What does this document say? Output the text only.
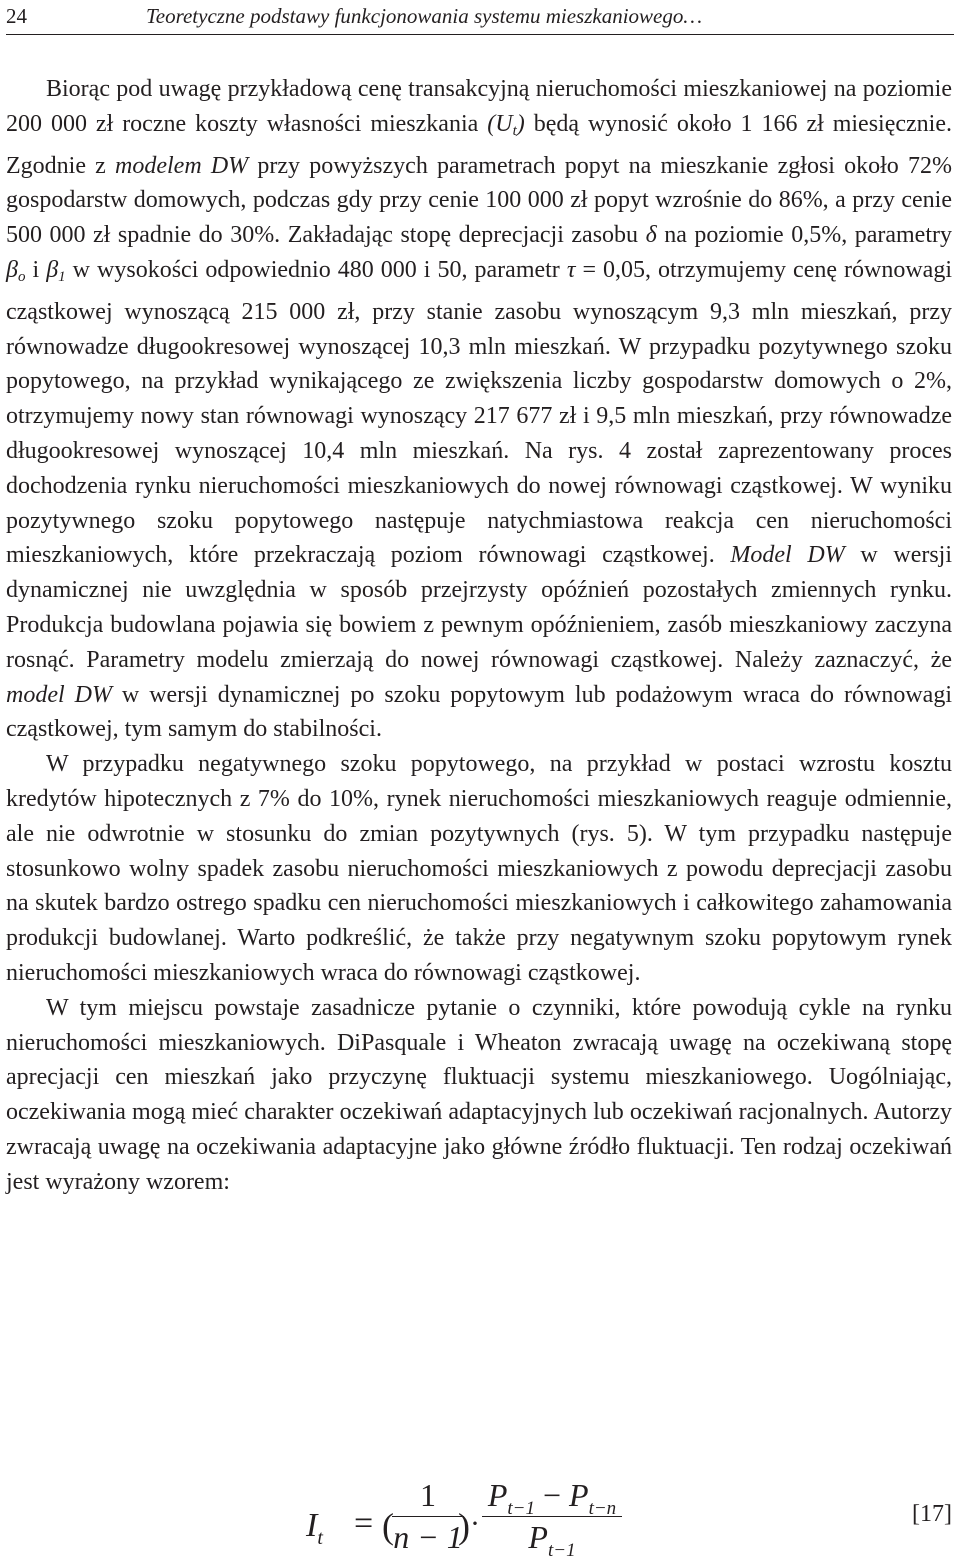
24	Teoretyczne podstawy funkcjonowania systemu mieszkaniowego…

Biorąc pod uwagę przykładową cenę transakcyjną nieruchomości mieszkaniowej na poziomie 200 000 zł roczne koszty własności mieszkania $(U_t)$ będą wynosić około 1 166 zł miesięcznie. Zgodnie z modelem DW przy powyższych parametrach popyt na mieszkanie zgłosi około 72% gospodarstw domowych, podczas gdy przy cenie 100 000 zł popyt wzrośnie do 86%, a przy cenie 500 000 zł spadnie do 30%. Zakładając stopę deprecjacji zasobu δ na poziomie 0,5%, parametry $\beta_o$ i $\beta_1$ w wysokości odpowiednio 480 000 i 50, parametr τ = 0,05, otrzymujemy cenę równowagi cząstkowej wynoszącą 215 000 zł, przy stanie zasobu wynoszącym 9,3 mln mieszkań, przy równowadze długookresowej wynoszącej 10,3 mln mieszkań. W przypadku pozytywnego szoku popytowego, na przykład wynikającego ze zwiększenia liczby gospodarstw domowych o 2%, otrzymujemy nowy stan równowagi wynoszący 217 677 zł i 9,5 mln mieszkań, przy równowadze długookresowej wynoszącej 10,4 mln mieszkań. Na rys. 4 został zaprezentowany proces dochodzenia rynku nieruchomości mieszkaniowych do nowej równowagi cząstkowej. W wyniku pozytywnego szoku popytowego następuje natychmiastowa reakcja cen nieruchomości mieszkaniowych, które przekraczają poziom równowagi cząstkowej. Model DW w wersji dynamicznej nie uwzględnia w sposób przejrzysty opóźnień pozostałych zmiennych rynku. Produkcja budowlana pojawia się bowiem z pewnym opóźnieniem, zasób mieszkaniowy zaczyna rosnąć. Parametry modelu zmierzają do nowej równowagi cząstkowej. Należy zaznaczyć, że model DW w wersji dynamicznej po szoku popytowym lub podażowym wraca do równowagi cząstkowej, tym samym do stabilności.

W przypadku negatywnego szoku popytowego, na przykład w postaci wzrostu kosztu kredytów hipotecznych z 7% do 10%, rynek nieruchomości mieszkaniowych reaguje odmiennie, ale nie odwrotnie w stosunku do zmian pozytywnych (rys. 5). W tym przypadku następuje stosunkowo wolny spadek zasobu nieruchomości mieszkaniowych z powodu deprecjacji zasobu na skutek bardzo ostrego spadku cen nieruchomości mieszkaniowych i całkowitego zahamowania produkcji budowlanej. Warto podkreślić, że także przy negatywnym szoku popytowym rynek nieruchomości mieszkaniowych wraca do równowagi cząstkowej.

W tym miejscu powstaje zasadnicze pytanie o czynniki, które powodują cykle na rynku nieruchomości mieszkaniowych. DiPasquale i Wheaton zwracają uwagę na oczekiwaną stopę aprecjacji cen mieszkań jako przyczynę fluktuacji systemu mieszkaniowego. Uogólniając, oczekiwania mogą mieć charakter oczekiwań adaptacyjnych lub oczekiwań racjonalnych. Autorzy zwracają uwagę na oczekiwania adaptacyjne jako główne źródło fluktuacji. Ten rodzaj oczekiwań jest wyrażony wzorem:

$I_t$ = (
1
n − 1
) ·
$P_{t-1} - P_{t-n}$
$P_{t-1}$
[17]
